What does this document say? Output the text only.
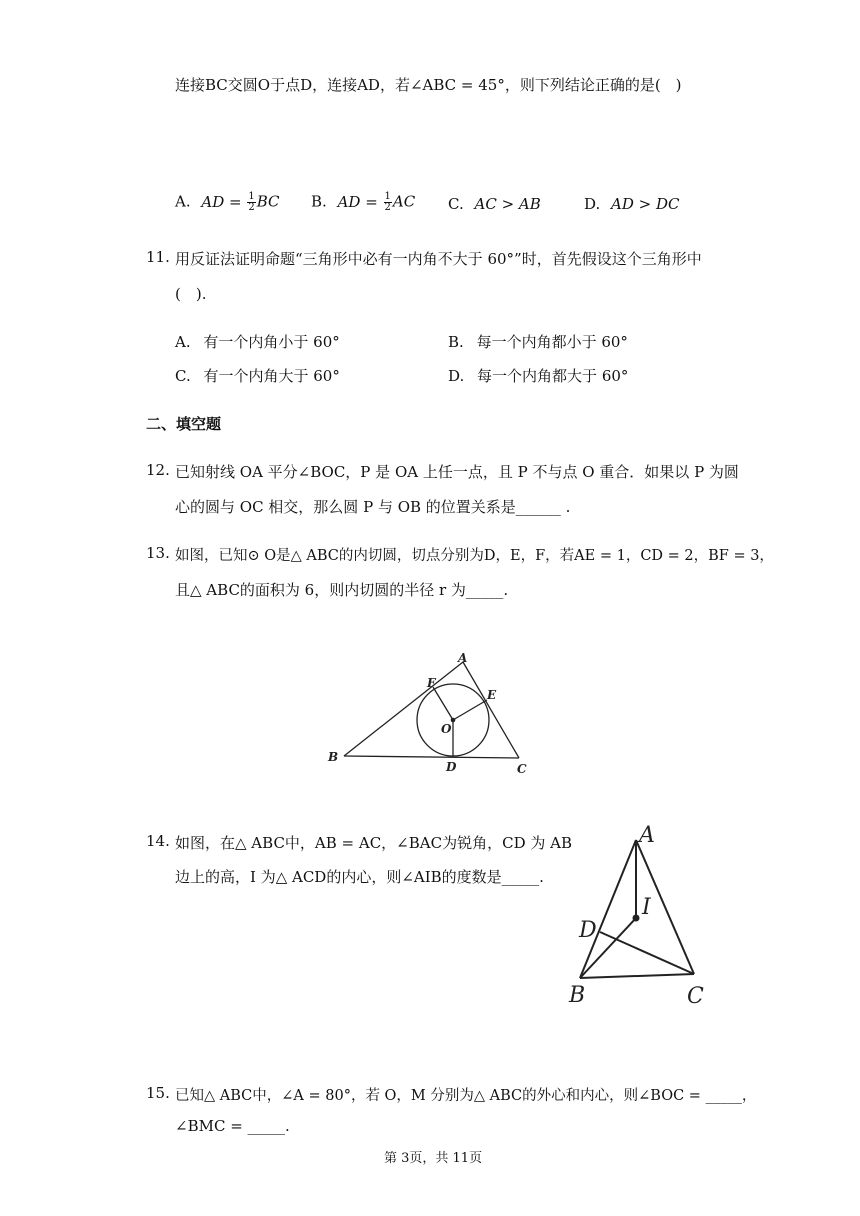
连接BC交圆O于点D，连接AD，若∠ABC = 45°，则下列结论正确的是(　)
A. AD = $\frac{1}{2}$ BC B. AD = $\frac{1}{2}$ AC C. AC > AB	D. AD > DC
11. 用反证法证明命题“三角形中必有一内角不大于 60°”时，首先假设这个三角形中
(　).
A. 有一个内角小于 60°	B. 每一个内角都小于 60°
C. 有一个内角大于 60°	D. 每一个内角都大于 60°
二、填空题
12. 已知射线 OA 平分∠BOC，P 是 OA 上任一点，且 P 不与点 O 重合．如果以 P 为圆
心的圆与 OC 相交，那么圆 P 与 OB 的位置关系是______ .
13. 如图，已知⊙ O是△ ABC的内切圆，切点分别为D，E，F，若AE = 1，CD = 2，BF = 3，
且△ ABC的面积为 6，则内切圆的半径 r 为_____.
A
B
C
D
E
F
O
14. 如图，在△ ABC中，AB = AC，∠BAC为锐角，CD 为 AB
边上的高，I 为△ ACD的内心，则∠AIB的度数是_____.
A
B	C
D
I
15. 已知△ ABC中，∠A = 80°，若 O，M 分别为△ ABC的外心和内心，则∠BOC = _____，
∠BMC = _____.
第 3页，共 11页
